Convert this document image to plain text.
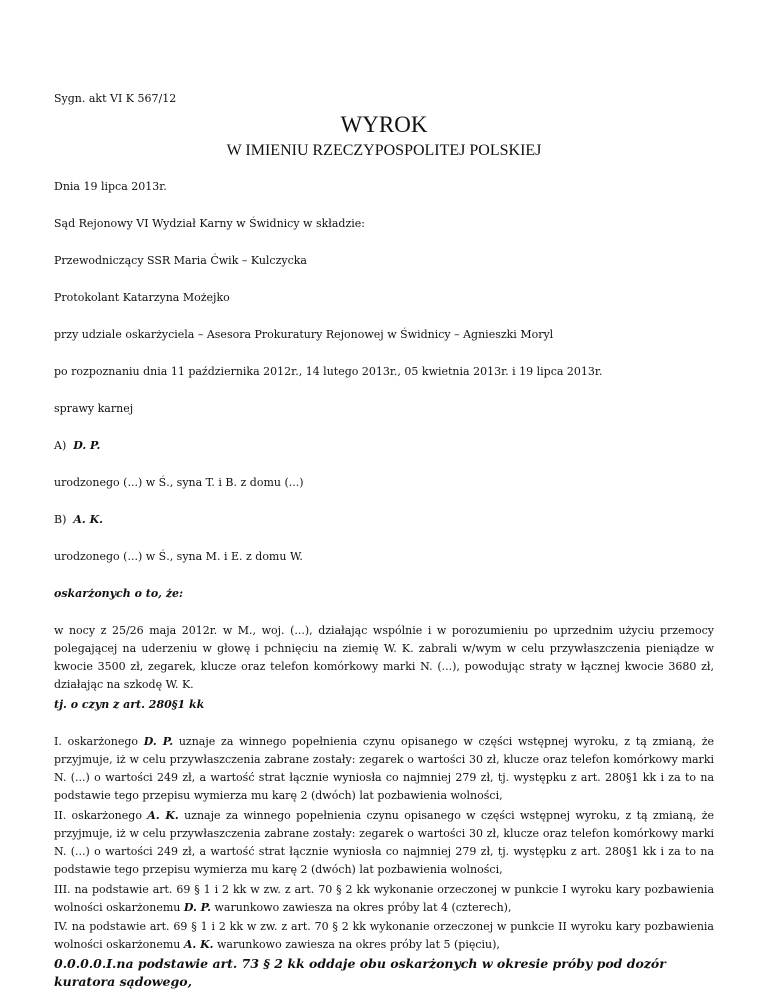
Sygn. akt VI K 567/12

WYROK
W IMIENIU RZECZYPOSPOLITEJ POLSKIEJ

Dnia 19 lipca 2013r.

Sąd Rejonowy VI Wydział Karny w Świdnicy w składzie:

Przewodniczący SSR Maria Ćwik – Kulczycka

Protokolant Katarzyna Możejko

przy udziale oskarżyciela – Asesora Prokuratury Rejonowej w Świdnicy – Agnieszki Moryl

po rozpoznaniu dnia 11 października 2012r., 14 lutego 2013r., 05 kwietnia 2013r. i 19 lipca 2013r.

sprawy karnej

A) D. P.

urodzonego (...) w Ś., syna T. i B. z domu (...)

B) A. K.

urodzonego (...) w Ś., syna M. i E. z domu W.

oskarżonych o to, że:

w nocy z 25/26 maja 2012r. w M., woj. (...), działając wspólnie i w porozumieniu po uprzednim użyciu przemocy polegającej na uderzeniu w głowę i pchnięciu na ziemię W. K. zabrali w/wym w celu przywłaszczenia pieniądze w kwocie 3500 zł, zegarek, klucze oraz telefon komórkowy marki N. (...), powodując straty w łącznej kwocie 3680 zł, działając na szkodę W. K.

tj. o czyn z art. 280§1 kk

I. oskarżonego D. P. uznaje za winnego popełnienia czynu opisanego w części wstępnej wyroku, z tą zmianą, że przyjmuje, iż w celu przywłaszczenia zabrane zostały: zegarek o wartości 30 zł, klucze oraz telefon komórkowy marki N. (...) o wartości 249 zł, a wartość strat łącznie wyniosła co najmniej 279 zł, tj. występku z art. 280§1 kk i za to na podstawie tego przepisu wymierza mu karę 2 (dwóch) lat pozbawienia wolności,

II. oskarżonego A. K. uznaje za winnego popełnienia czynu opisanego w części wstępnej wyroku, z tą zmianą, że przyjmuje, iż w celu przywłaszczenia zabrane zostały: zegarek o wartości 30 zł, klucze oraz telefon komórkowy marki N. (...) o wartości 249 zł, a wartość strat łącznie wyniosła co najmniej 279 zł, tj. występku z art. 280§1 kk i za to na podstawie tego przepisu wymierza mu karę 2 (dwóch) lat pozbawienia wolności,

III. na podstawie art. 69 § 1 i 2 kk w zw. z art. 70 § 2 kk wykonanie orzeczonej w punkcie I wyroku kary pozbawienia wolności oskarżonemu D. P. warunkowo zawiesza na okres próby lat 4 (czterech),

IV. na podstawie art. 69 § 1 i 2 kk w zw. z art. 70 § 2 kk wykonanie orzeczonej w punkcie II wyroku kary pozbawienia wolności oskarżonemu A. K. warunkowo zawiesza na okres próby lat 5 (pięciu),

0.0.0.0.I.na podstawie art. 73 § 2 kk oddaje obu oskarżonych w okresie próby pod dozór kuratora sądowego,
